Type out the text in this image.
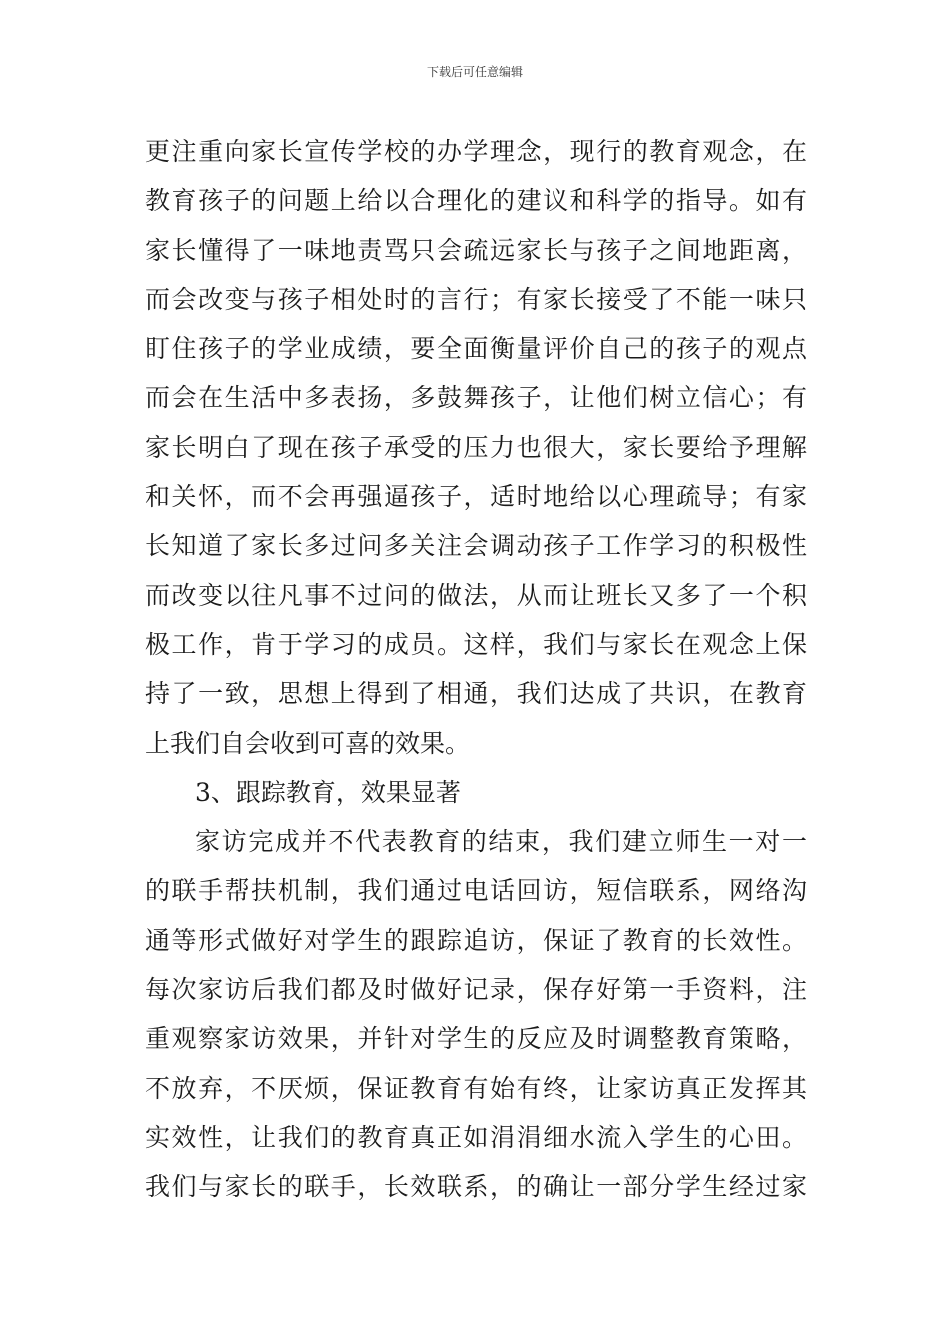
下载后可任意编辑
更注重向家长宣传学校的办学理念，现行的教育观念，在
教育孩子的问题上给以合理化的建议和科学的指导。如有
家长懂得了一味地责骂只会疏远家长与孩子之间地距离，
而会改变与孩子相处时的言行；有家长接受了不能一味只
盯住孩子的学业成绩，要全面衡量评价自己的孩子的观点
而会在生活中多表扬，多鼓舞孩子，让他们树立信心；有
家长明白了现在孩子承受的压力也很大，家长要给予理解
和关怀，而不会再强逼孩子，适时地给以心理疏导；有家
长知道了家长多过问多关注会调动孩子工作学习的积极性
而改变以往凡事不过问的做法，从而让班长又多了一个积
极工作，肯于学习的成员。这样，我们与家长在观念上保
持了一致，思想上得到了相通，我们达成了共识，在教育
上我们自会收到可喜的效果。
3、跟踪教育，效果显著
家访完成并不代表教育的结束，我们建立师生一对一
的联手帮扶机制，我们通过电话回访，短信联系，网络沟
通等形式做好对学生的跟踪追访，保证了教育的长效性。
每次家访后我们都及时做好记录，保存好第一手资料，注
重观察家访效果，并针对学生的反应及时调整教育策略，
不放弃，不厌烦，保证教育有始有终，让家访真正发挥其
实效性，让我们的教育真正如涓涓细水流入学生的心田。
我们与家长的联手，长效联系，的确让一部分学生经过家
